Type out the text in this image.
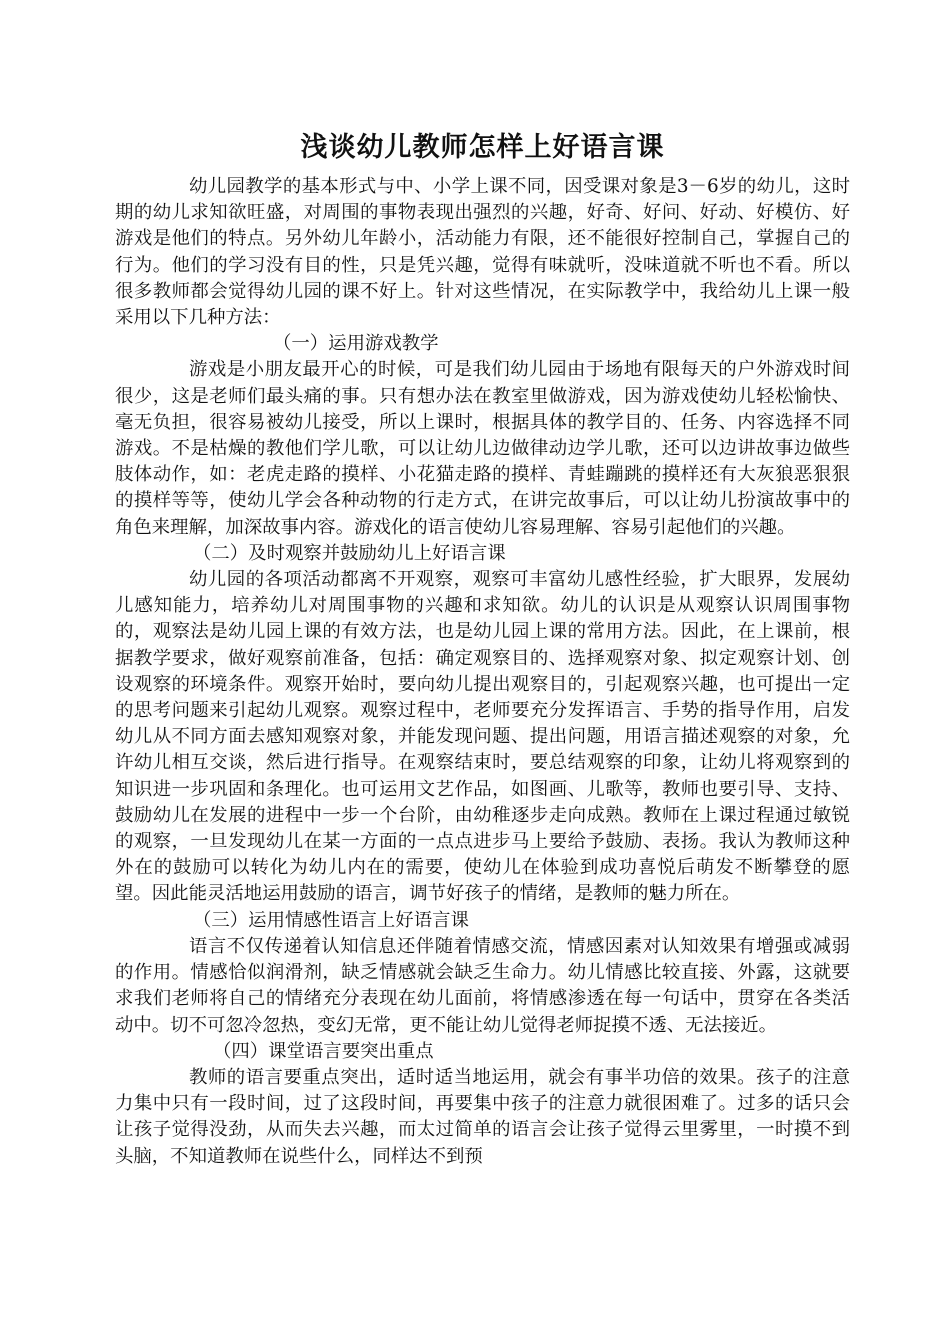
浅谈幼儿教师怎样上好语言课

幼儿园教学的基本形式与中、小学上课不同，因受课对象是3－6岁的幼儿，这时期的幼儿求知欲旺盛，对周围的事物表现出强烈的兴趣，好奇、好问、好动、好模仿、好游戏是他们的特点。另外幼儿年龄小，活动能力有限，还不能很好控制自己，掌握自己的行为。他们的学习没有目的性，只是凭兴趣，觉得有味就听，没味道就不听也不看。所以很多教师都会觉得幼儿园的课不好上。针对这些情况，在实际教学中，我给幼儿上课一般采用以下几种方法：

（一）运用游戏教学

游戏是小朋友最开心的时候，可是我们幼儿园由于场地有限每天的户外游戏时间很少，这是老师们最头痛的事。只有想办法在教室里做游戏，因为游戏使幼儿轻松愉快、毫无负担，很容易被幼儿接受，所以上课时，根据具体的教学目的、任务、内容选择不同游戏。不是枯燥的教他们学儿歌，可以让幼儿边做律动边学儿歌，还可以边讲故事边做些肢体动作，如：老虎走路的摸样、小花猫走路的摸样、青蛙蹦跳的摸样还有大灰狼恶狠狠的摸样等等，使幼儿学会各种动物的行走方式，在讲完故事后，可以让幼儿扮演故事中的角色来理解，加深故事内容。游戏化的语言使幼儿容易理解、容易引起他们的兴趣。

（二）及时观察并鼓励幼儿上好语言课

幼儿园的各项活动都离不开观察，观察可丰富幼儿感性经验，扩大眼界，发展幼儿感知能力，培养幼儿对周围事物的兴趣和求知欲。幼儿的认识是从观察认识周围事物的，观察法是幼儿园上课的有效方法，也是幼儿园上课的常用方法。因此，在上课前，根据教学要求，做好观察前准备，包括：确定观察目的、选择观察对象、拟定观察计划、创设观察的环境条件。观察开始时，要向幼儿提出观察目的，引起观察兴趣，也可提出一定的思考问题来引起幼儿观察。观察过程中，老师要充分发挥语言、手势的指导作用，启发幼儿从不同方面去感知观察对象，并能发现问题、提出问题，用语言描述观察的对象，允许幼儿相互交谈，然后进行指导。在观察结束时，要总结观察的印象，让幼儿将观察到的知识进一步巩固和条理化。也可运用文艺作品，如图画、儿歌等，教师也要引导、支持、鼓励幼儿在发展的进程中一步一个台阶，由幼稚逐步走向成熟。教师在上课过程通过敏锐的观察，一旦发现幼儿在某一方面的一点点进步马上要给予鼓励、表扬。我认为教师这种外在的鼓励可以转化为幼儿内在的需要，使幼儿在体验到成功喜悦后萌发不断攀登的愿望。因此能灵活地运用鼓励的语言，调节好孩子的情绪，是教师的魅力所在。

（三）运用情感性语言上好语言课

语言不仅传递着认知信息还伴随着情感交流，情感因素对认知效果有增强或减弱的作用。情感恰似润滑剂，缺乏情感就会缺乏生命力。幼儿情感比较直接、外露，这就要求我们老师将自己的情绪充分表现在幼儿面前，将情感渗透在每一句话中，贯穿在各类活动中。切不可忽冷忽热，变幻无常，更不能让幼儿觉得老师捉摸不透、无法接近。

（四）课堂语言要突出重点

教师的语言要重点突出，适时适当地运用，就会有事半功倍的效果。孩子的注意力集中只有一段时间，过了这段时间，再要集中孩子的注意力就很困难了。过多的话只会让孩子觉得没劲，从而失去兴趣，而太过简单的语言会让孩子觉得云里雾里，一时摸不到头脑，不知道教师在说些什么，同样达不到预
